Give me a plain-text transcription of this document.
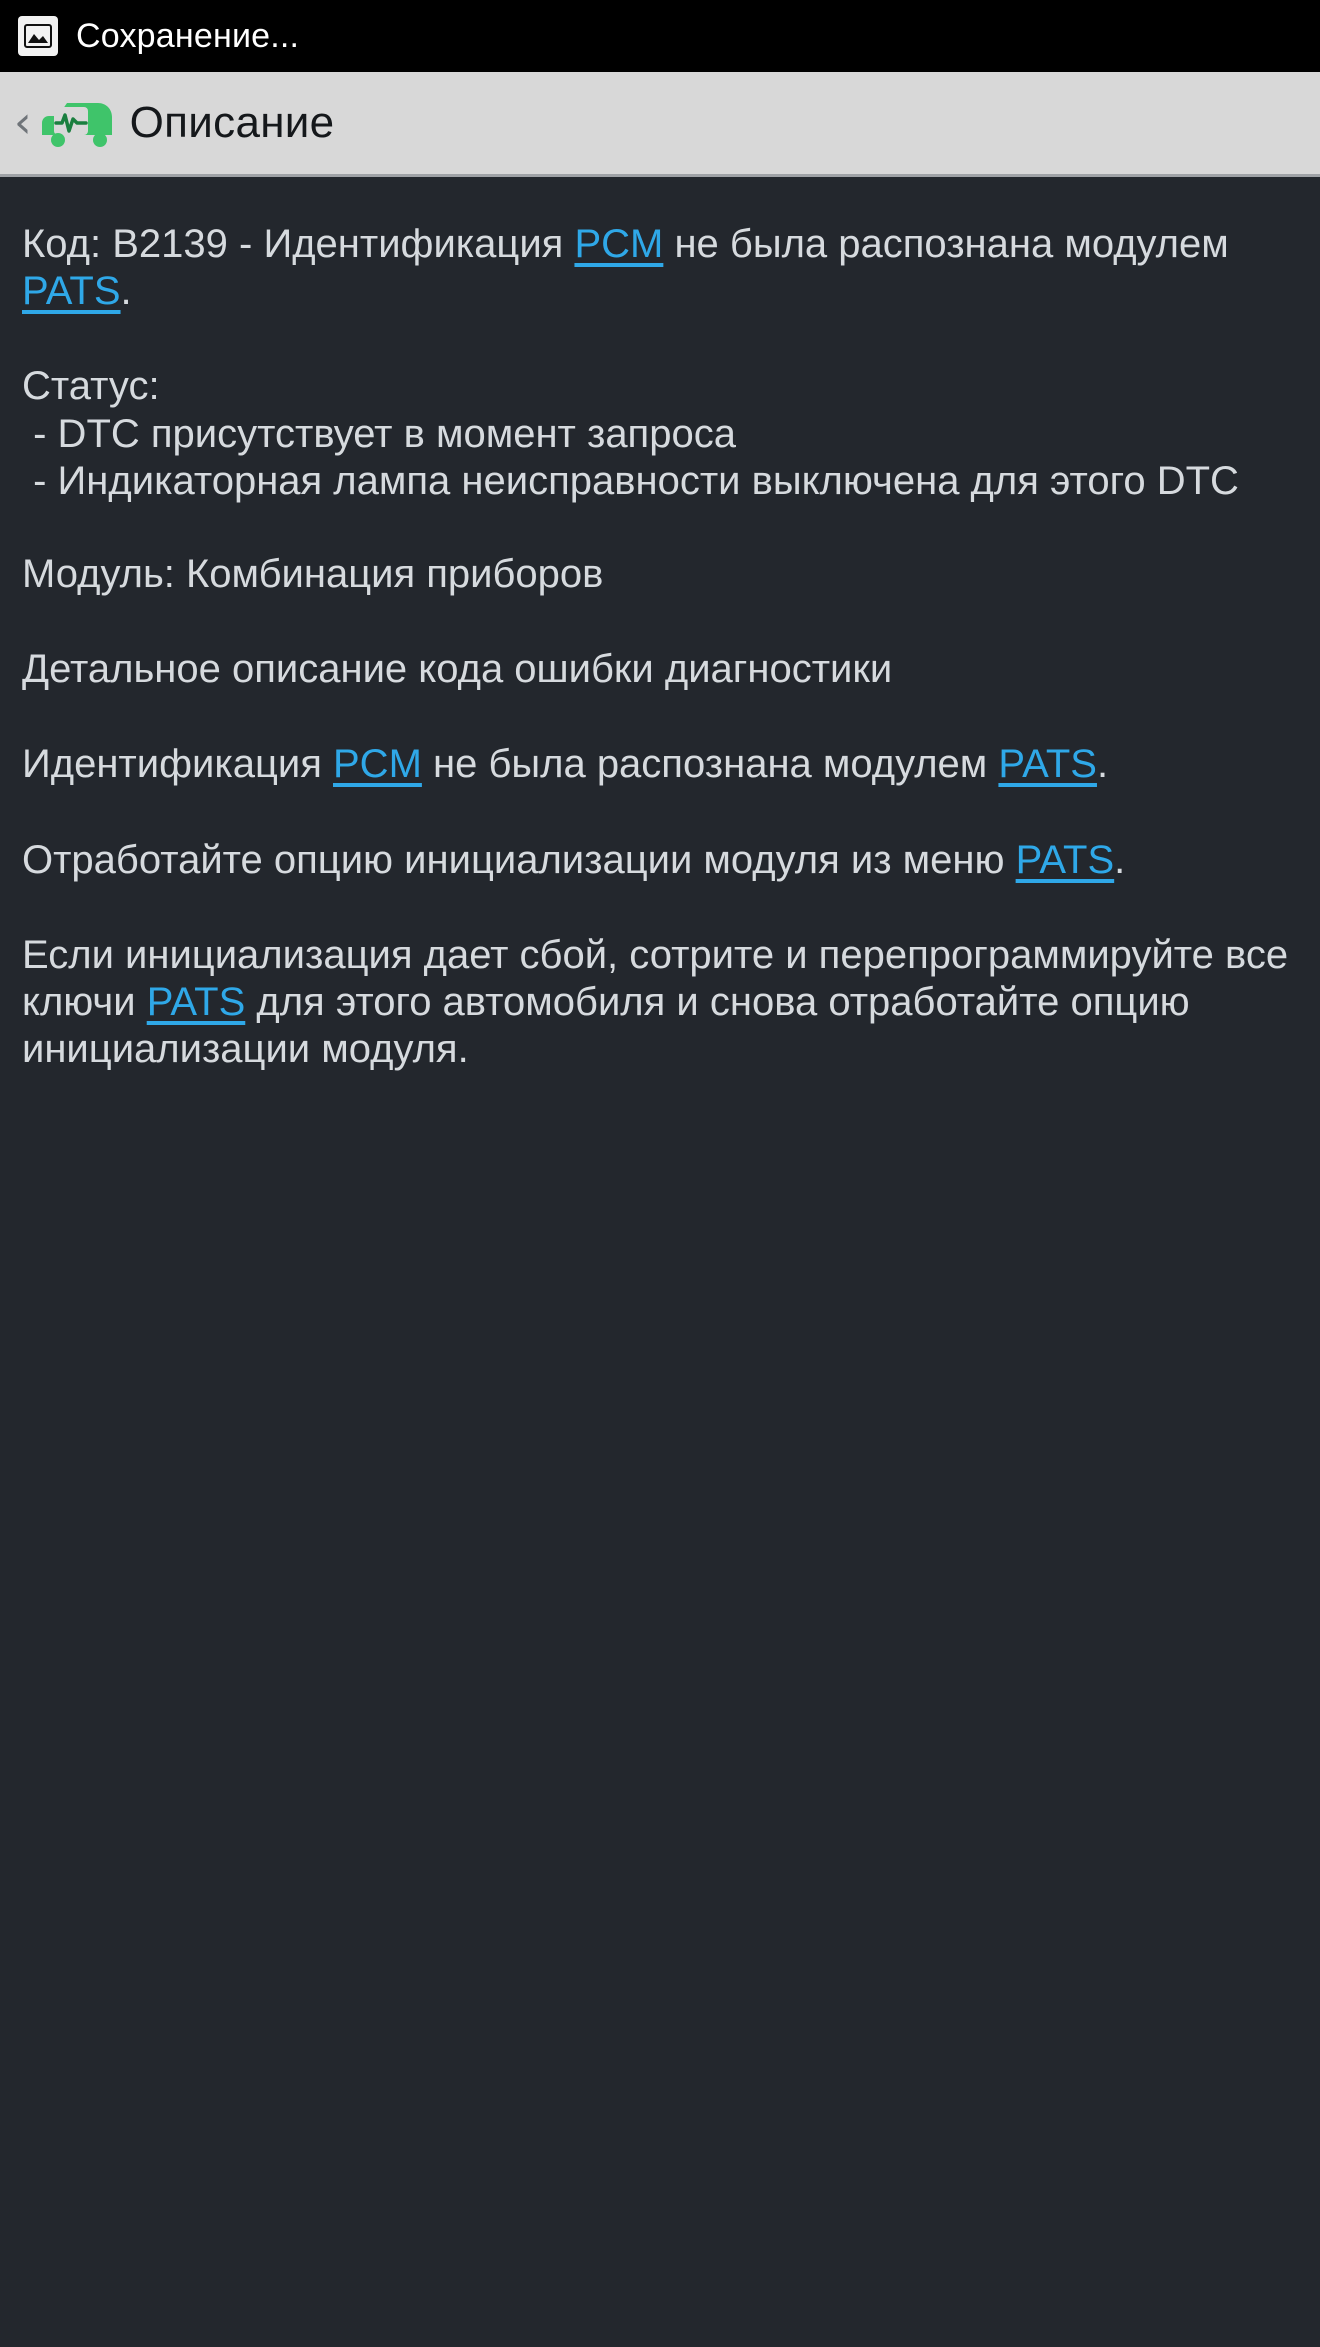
Сохранение...
‹ Описание

Код: B2139 - Идентификация PCM не была распознана модулем PATS.

Статус:
- DTC присутствует в момент запроса
- Индикаторная лампа неисправности выключена для этого DTC

Модуль: Комбинация приборов

Детальное описание кода ошибки диагностики

Идентификация PCM не была распознана модулем PATS.

Отработайте опцию инициализации модуля из меню PATS.

Если инициализация дает сбой, сотрите и перепрограммируйте все ключи PATS для этого автомобиля и снова отработайте опцию инициализации модуля.
